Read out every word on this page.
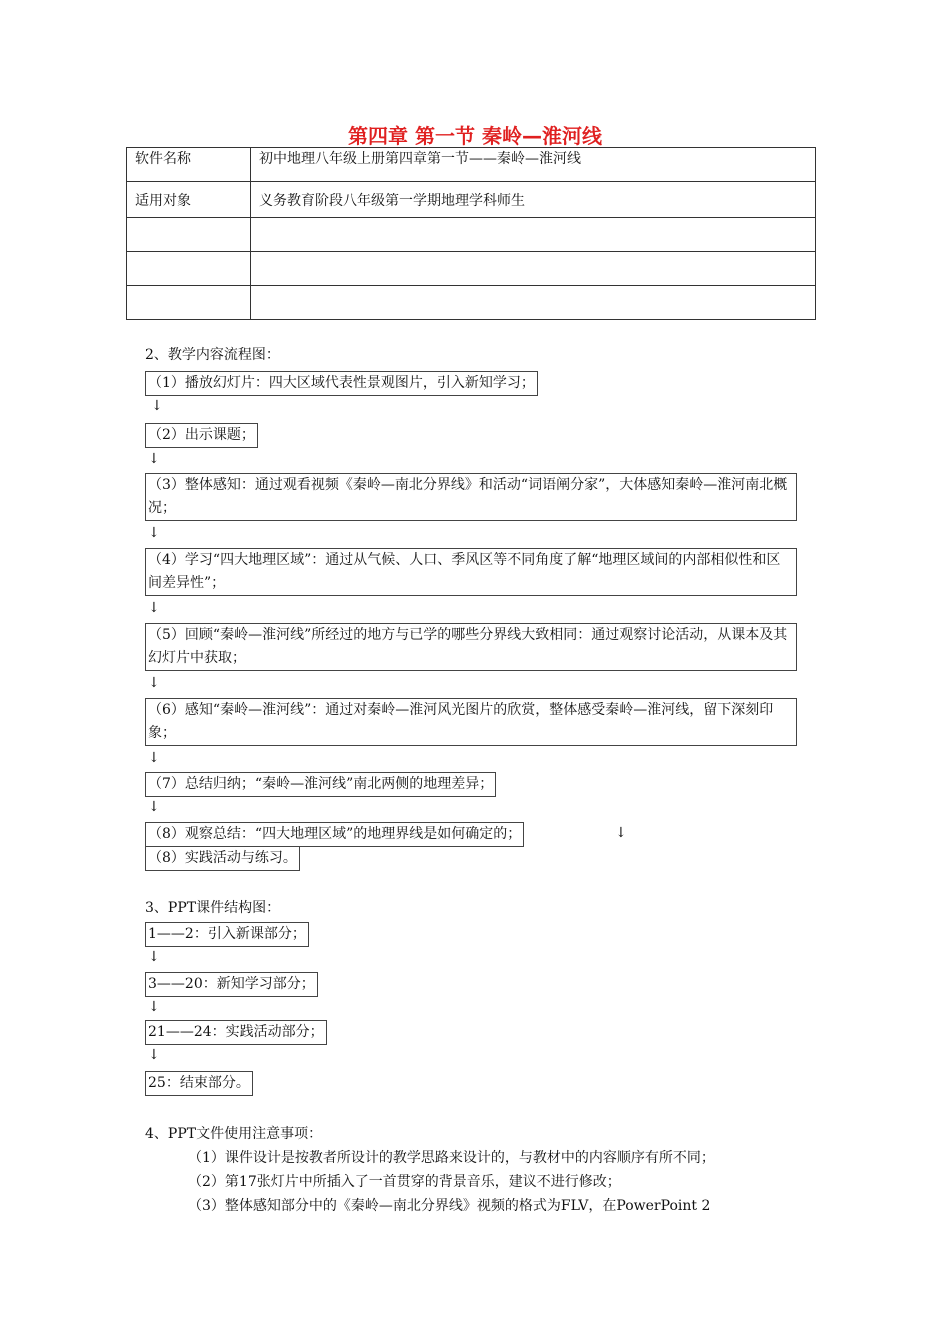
第四章 第一节 秦岭—淮河线
软件名称	初中地理八年级上册第四章第一节——秦岭—淮河线
适用对象	义务教育阶段八年级第一学期地理学科师生

2、教学内容流程图：
（1）播放幻灯片：四大区域代表性景观图片，引入新知学习；
↓
（2）出示课题；
↓
（3）整体感知：通过观看视频《秦岭—南北分界线》和活动“词语阐分家”，大体感知秦岭—淮河南北概况；
↓
（4）学习“四大地理区域”：通过从气候、人口、季风区等不同角度了解“地理区域间的内部相似性和区间差异性”；
↓
（5）回顾“秦岭—淮河线”所经过的地方与已学的哪些分界线大致相同：通过观察讨论活动，从课本及其幻灯片中获取；
↓
（6）感知“秦岭—淮河线”：通过对秦岭—淮河风光图片的欣赏，整体感受秦岭—淮河线，留下深刻印象；
↓
（7）总结归纳；“秦岭—淮河线”南北两侧的地理差异；
↓
（8）观察总结：“四大地理区域”的地理界线是如何确定的；	↓
（8）实践活动与练习。
3、PPT课件结构图：
1——2：引入新课部分；
↓
3——20：新知学习部分；
↓
21——24：实践活动部分；
↓
25：结束部分。
4、PPT文件使用注意事项：
（1）课件设计是按教者所设计的教学思路来设计的，与教材中的内容顺序有所不同；
（2）第17张灯片中所插入了一首贯穿的背景音乐，建议不进行修改；
（3）整体感知部分中的《秦岭—南北分界线》视频的格式为FLV，在PowerPoint 2
